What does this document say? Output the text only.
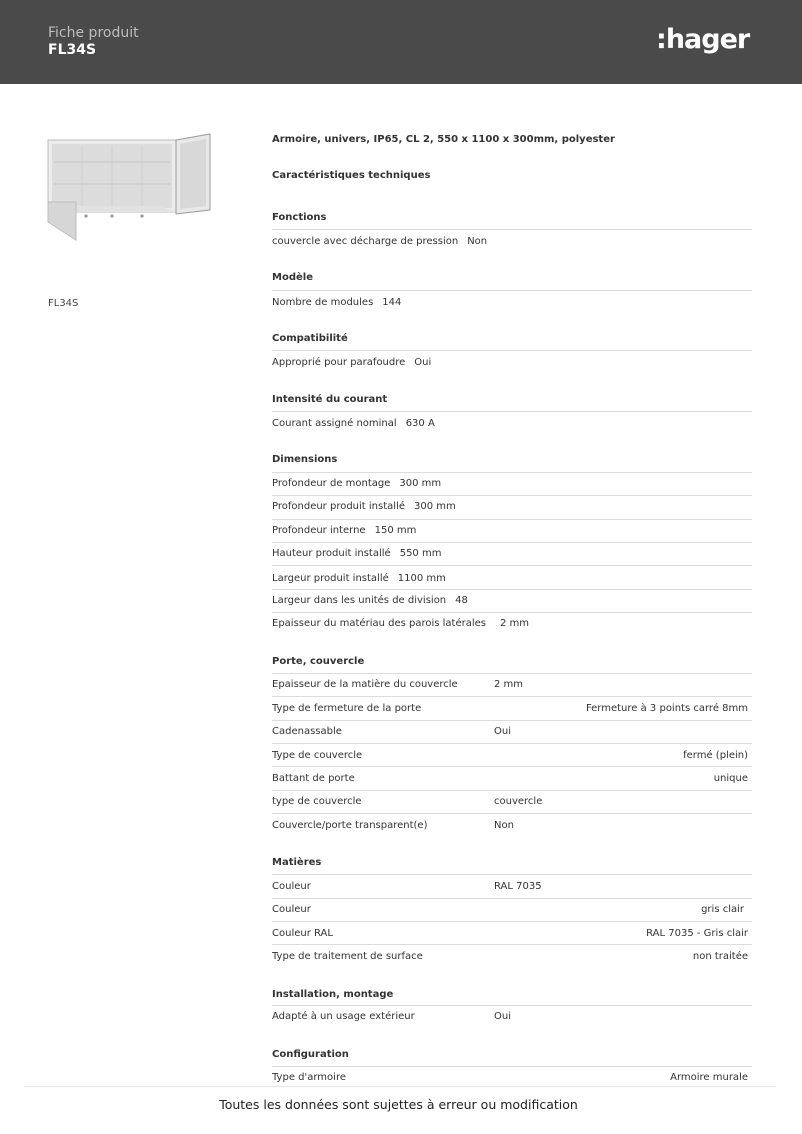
Fiche produit
FL34S	:hager
FL34S
Armoire, univers, IP65, CL 2, 550 x 1100 x 300mm, polyester
Caractéristiques techniques
Fonctions
couvercle avec décharge de pression Non
Modèle
Nombre de modules 144
Compatibilité
Approprié pour parafoudre Oui
Intensité du courant
Courant assigné nominal 630 A
Dimensions
Profondeur de montage 300 mm
Profondeur produit installé 300 mm
Profondeur interne 150 mm
Hauteur produit installé 550 mm
Largeur produit installé 1100 mm
Largeur dans les unités de division 48
Epaisseur du matériau des parois latérales 2 mm
Porte, couvercle
Epaisseur de la matière du couvercle	2 mm
Type de fermeture de la porte	Fermeture à 3 points carré 8mm
Cadenassable	Oui
Type de couvercle	fermé (plein)
Battant de porte	unique
type de couvercle	couvercle
Couvercle/porte transparent(e)	Non
Matières
Couleur	RAL 7035
Couleur	gris clair
Couleur RAL	RAL 7035 - Gris clair
Type de traitement de surface	non traitée
Installation, montage
Adapté à un usage extérieur	Oui
Configuration
Type d'armoire	Armoire murale
Toutes les données sont sujettes à erreur ou modification
